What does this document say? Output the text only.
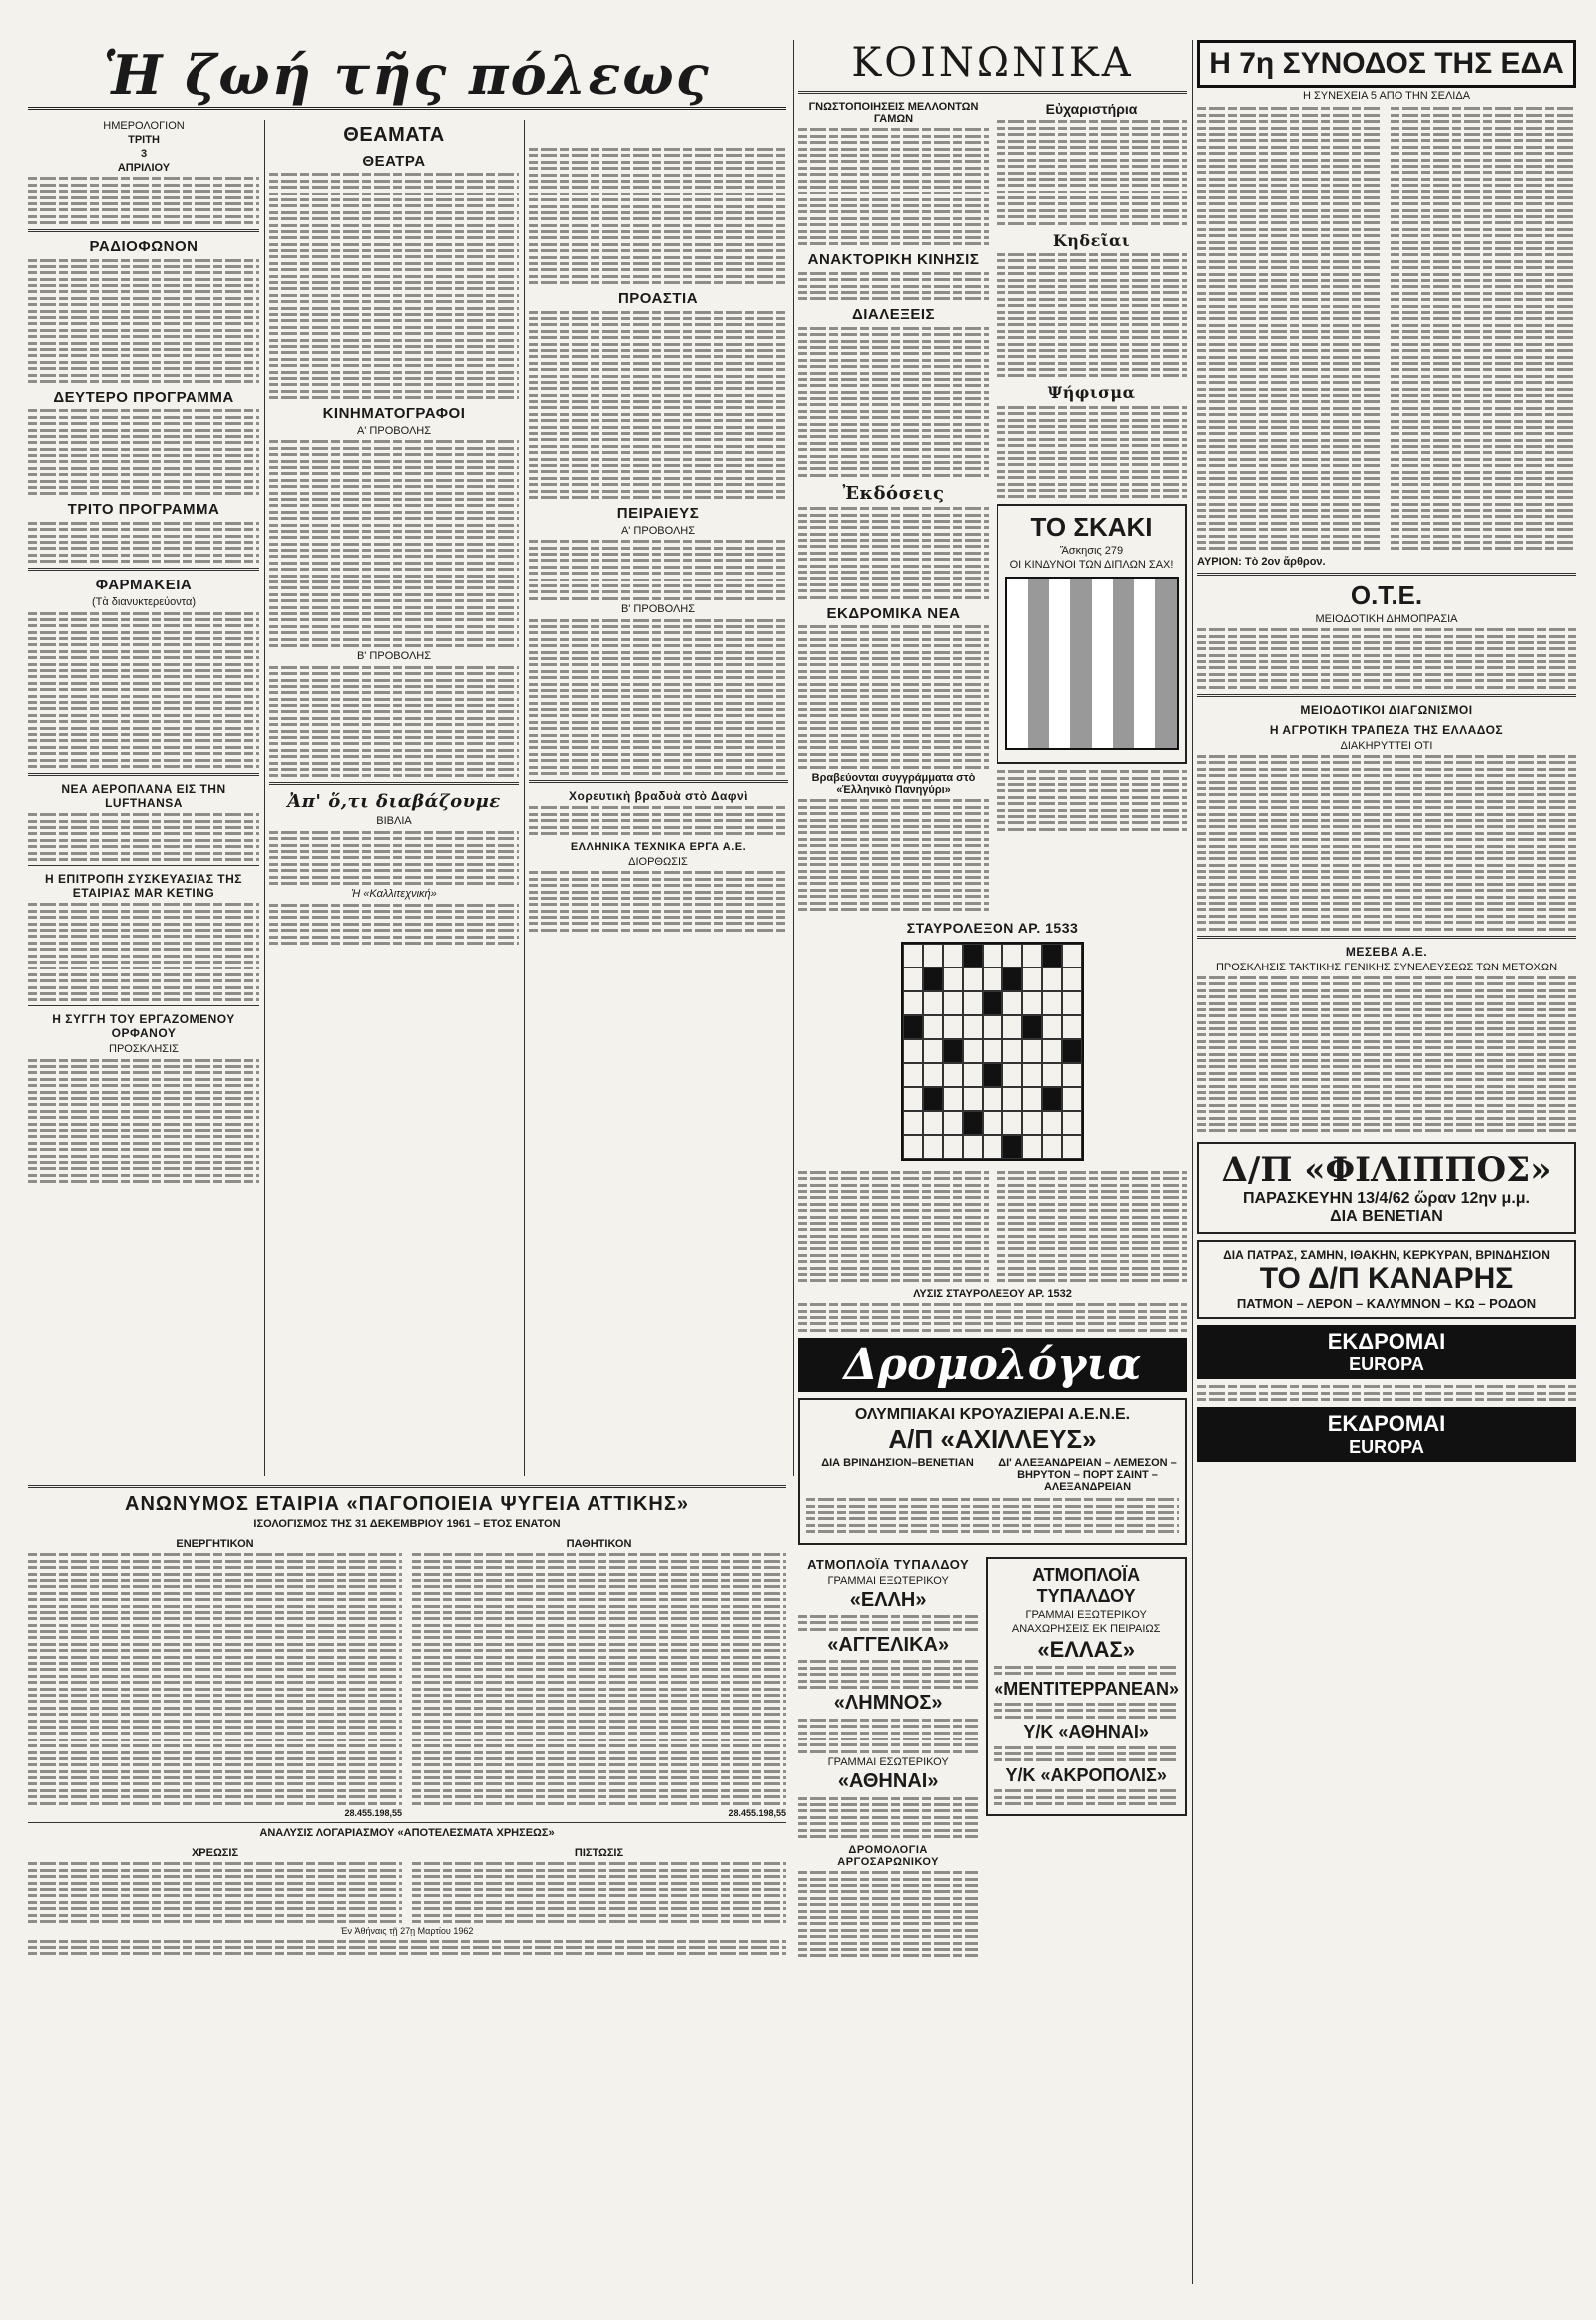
Ἡ ζωή τῆς πόλεως
ΗΜΕΡΟΛΟΓΙΟΝ
ΤΡΙΤΗ
3
ΑΠΡΙΛΙΟΥ
ΡΑΔΙΟΦΩΝΟΝ
ΔΕΥΤΕΡΟ ΠΡΟΓΡΑΜΜΑ
ΤΡΙΤΟ ΠΡΟΓΡΑΜΜΑ
ΦΑΡΜΑΚΕΙΑ
(Τὰ διανυκτερεύοντα)
ΝΕΑ ΑΕΡΟΠΛΑΝΑ ΕΙΣ ΤΗΝ LUFTHANSA
Η ΕΠΙΤΡΟΠΗ ΣΥΣΚΕΥΑΣΙΑΣ ΤΗΣ ΕΤΑΙΡΙΑΣ MAR KETING
Η ΣΥΓΓΗ ΤΟΥ ΕΡΓΑΖΟΜΕΝΟΥ ΟΡΦΑΝΟΥ
ΠΡΟΣΚΛΗΣΙΣ
ΘΕΑΜΑΤΑ
ΘΕΑΤΡΑ
ΚΙΝΗΜΑΤΟΓΡΑΦΟΙ
Α' ΠΡΟΒΟΛΗΣ
Β' ΠΡΟΒΟΛΗΣ
Ἀπ' ὅ,τι διαβάζουμε
ΒΙΒΛΙΑ
Ἡ «Καλλιτεχνική»
ΠΡΟΑΣΤΙΑ
ΠΕΙΡΑΙΕΥΣ
Α' ΠΡΟΒΟΛΗΣ
Β' ΠΡΟΒΟΛΗΣ
Χορευτικὴ βραδυὰ στὸ Δαφνὶ
ΕΛΛΗΝΙΚΑ ΤΕΧΝΙΚΑ ΕΡΓΑ Α.Ε.
ΔΙΟΡΘΩΣΙΣ
ΚΟΙΝΩΝΙΚΑ
ΓΝΩΣΤΟΠΟΙΗΣΕΙΣ ΜΕΛΛΟΝΤΩΝ ΓΑΜΩΝ
ΑΝΑΚΤΟΡΙΚΗ ΚΙΝΗΣΙΣ
ΔΙΑΛΕΞΕΙΣ
Ἐκδόσεις
ΕΚΔΡΟΜΙΚΑ ΝΕΑ
Βραβεύονται συγγράμματα στὸ «Ἑλληνικὸ Πανηγύρι»
Εὐχαριστήρια
Κηδεῖαι
Ψήφισμα
ΤΟ ΣΚΑΚΙ
Ἄσκησις 279
ΟΙ ΚΙΝΔΥΝΟΙ ΤΩΝ ΔΙΠΛΩΝ ΣΑΧ!
ΣΤΑΥΡΟΛΕΞΟΝ ΑΡ. 1533
ΛΥΣΙΣ ΣΤΑΥΡΟΛΕΞΟΥ ΑΡ. 1532
Δρομολόγια
ΟΛΥΜΠΙΑΚΑΙ ΚΡΟΥΑΖΙΕΡΑΙ Α.Ε.Ν.Ε.
Α/Π «ΑΧΙΛΛΕΥΣ»
ΔΙΑ ΒΡΙΝΔΗΣΙΟΝ–ΒΕΝΕΤΙΑΝ	ΔΙ' ΑΛΕΞΑΝΔΡΕΙΑΝ – ΛΕΜΕΣΟΝ – ΒΗΡΥΤΟΝ – ΠΟΡΤ ΣΑΙΝΤ – ΑΛΕΞΑΝΔΡΕΙΑΝ
ΑΤΜΟΠΛΟΪΑ ΤΥΠΑΛΔΟΥ
ΓΡΑΜΜΑΙ ΕΞΩΤΕΡΙΚΟΥ
«ΕΛΛΗ»
«ΑΓΓΕΛΙΚΑ»
«ΛΗΜΝΟΣ»
ΓΡΑΜΜΑΙ ΕΣΩΤΕΡΙΚΟΥ
«ΑΘΗΝΑΙ»
ΔΡΟΜΟΛΟΓΙΑ ΑΡΓΟΣΑΡΩΝΙΚΟΥ
ΑΤΜΟΠΛΟΪΑ ΤΥΠΑΛΔΟΥ
ΓΡΑΜΜΑΙ ΕΞΩΤΕΡΙΚΟΥ
ΑΝΑΧΩΡΗΣΕΙΣ ΕΚ ΠΕΙΡΑΙΩΣ
«ΕΛΛΑΣ»
«ΜΕΝΤΙΤΕΡΡΑΝΕΑΝ»
Υ/Κ «ΑΘΗΝΑΙ»
Υ/Κ «ΑΚΡΟΠΟΛΙΣ»
Η 7η ΣΥΝΟΔΟΣ ΤΗΣ ΕΔΑ
Η ΣΥΝΕΧΕΙΑ 5 ΑΠΟ ΤΗΝ ΣΕΛΙΔΑ
ΑΥΡΙΟΝ: Τὸ 2ον ἄρθρον.
Ο.Τ.Ε.
ΜΕΙΟΔΟΤΙΚΗ ΔΗΜΟΠΡΑΣΙΑ
ΜΕΙΟΔΟΤΙΚΟΙ ΔΙΑΓΩΝΙΣΜΟΙ
Η ΑΓΡΟΤΙΚΗ ΤΡΑΠΕΖΑ ΤΗΣ ΕΛΛΑΔΟΣ
ΔΙΑΚΗΡΥΤΤΕΙ ΟΤΙ
ΜΕΣΕΒΑ Α.Ε.
ΠΡΟΣΚΛΗΣΙΣ ΤΑΚΤΙΚΗΣ ΓΕΝΙΚΗΣ ΣΥΝΕΛΕΥΣΕΩΣ ΤΩΝ ΜΕΤΟΧΩΝ
Δ/Π «ΦΙΛΙΠΠΟΣ»
ΠΑΡΑΣΚΕΥΗΝ 13/4/62 ὥραν 12ην μ.μ.
ΔΙΑ ΒΕΝΕΤΙΑΝ
ΔΙΑ ΠΑΤΡΑΣ, ΣΑΜΗΝ, ΙΘΑΚΗΝ, ΚΕΡΚΥΡΑΝ, ΒΡΙΝΔΗΣΙΟΝ
ΤΟ Δ/Π ΚΑΝΑΡΗΣ
ΠΑΤΜΟΝ – ΛΕΡΟΝ – ΚΑΛΥΜΝΟΝ – ΚΩ – ΡΟΔΟΝ
ΕΚΔΡΟΜΑΙ
EUROPA
ΕΚΔΡΟΜΑΙ
EUROPA
ΑΝΩΝΥΜΟΣ ΕΤΑΙΡΙΑ «ΠΑΓΟΠΟΙΕΙΑ ΨΥΓΕΙΑ ΑΤΤΙΚΗΣ»
ΙΣΟΛΟΓΙΣΜΟΣ ΤΗΣ 31 ΔΕΚΕΜΒΡΙΟΥ 1961 – ΕΤΟΣ ΕΝΑΤΟΝ
ΕΝΕΡΓΗΤΙΚΟΝ
28.455.198,55
ΠΑΘΗΤΙΚΟΝ
28.455.198,55
ΑΝΑΛΥΣΙΣ ΛΟΓΑΡΙΑΣΜΟΥ «ΑΠΟΤΕΛΕΣΜΑΤΑ ΧΡΗΣΕΩΣ»
ΧΡΕΩΣΙΣ	ΠΙΣΤΩΣΙΣ
Ἐν Ἀθήναις τῇ 27ῃ Μαρτίου 1962
